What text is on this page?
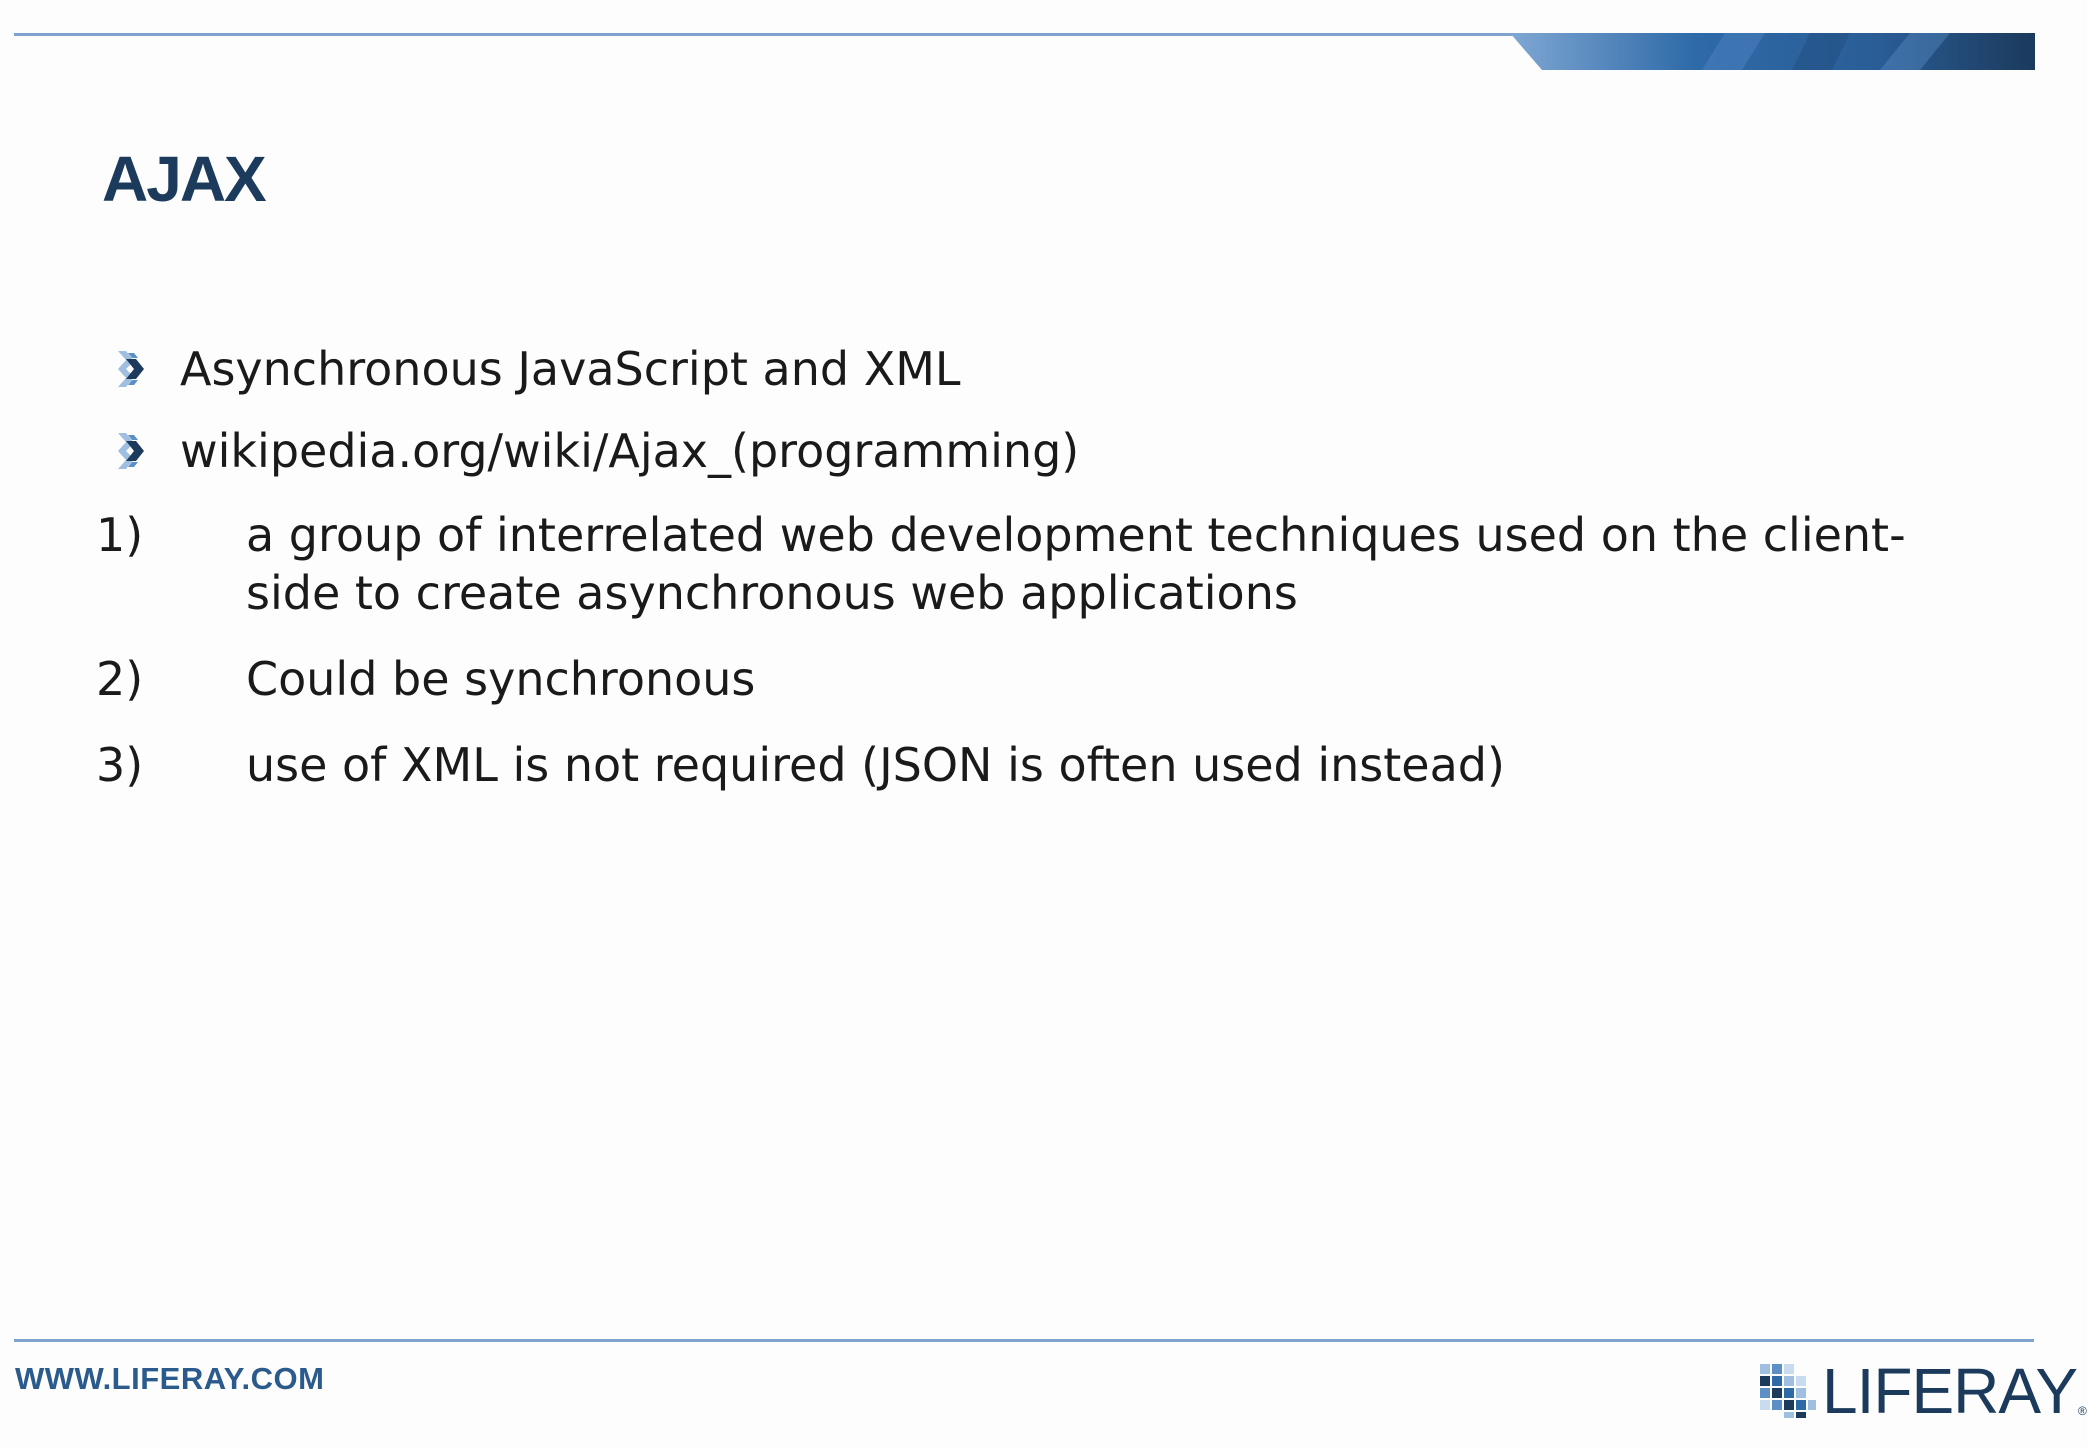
AJAX
Asynchronous JavaScript and XML
wikipedia.org/wiki/Ajax_(programming)
1) a group of interrelated web development techniques used on the client-side to create asynchronous web applications
2) Could be synchronous
3) use of XML is not required (JSON is often used instead)
WWW.LIFERAY.COM	LIFERAY ®
